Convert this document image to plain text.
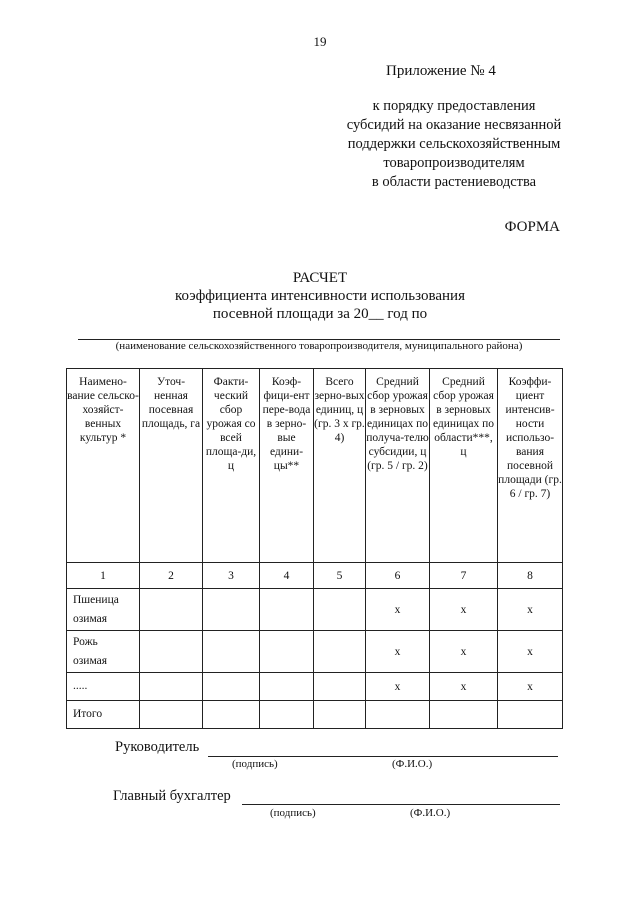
19
Приложение № 4
к порядку предоставления
субсидий на оказание несвязанной
поддержки сельскохозяйственным
товаропроизводителям
в области растениеводства
ФОРМА
РАСЧЕТ
коэффициента интенсивности использования
посевной площади за 20__ год по
(наименование сельскохозяйственного товаропроизводителя, муниципального района)
Наимено-вание сельско-хозяйст-венных культур *	Уточ-ненная посевная площадь, га	Факти-ческий сбор урожая со всей площа-ди, ц	Коэф-фици-ент пере-вода в зерно-вые едини-цы**	Всего зерно-вых единиц, ц (гр. 3 х гр. 4)	Средний сбор урожая в зерновых единицах по получа-телю субсидии, ц (гр. 5 / гр. 2)	Средний сбор урожая в зерновых единицах по области***, ц	Коэффи-циент интенсив-ности использо-вания посевной площади (гр. 6 / гр. 7)
1	2	3	4	5	6	7	8

Пшеница
озимая					x	x	x

Рожь
озимая					x	x	x

.....					x	x	x
Итого							
Руководитель
(подпись)	(Ф.И.О.)
Главный бухгалтер
(подпись)	(Ф.И.О.)
